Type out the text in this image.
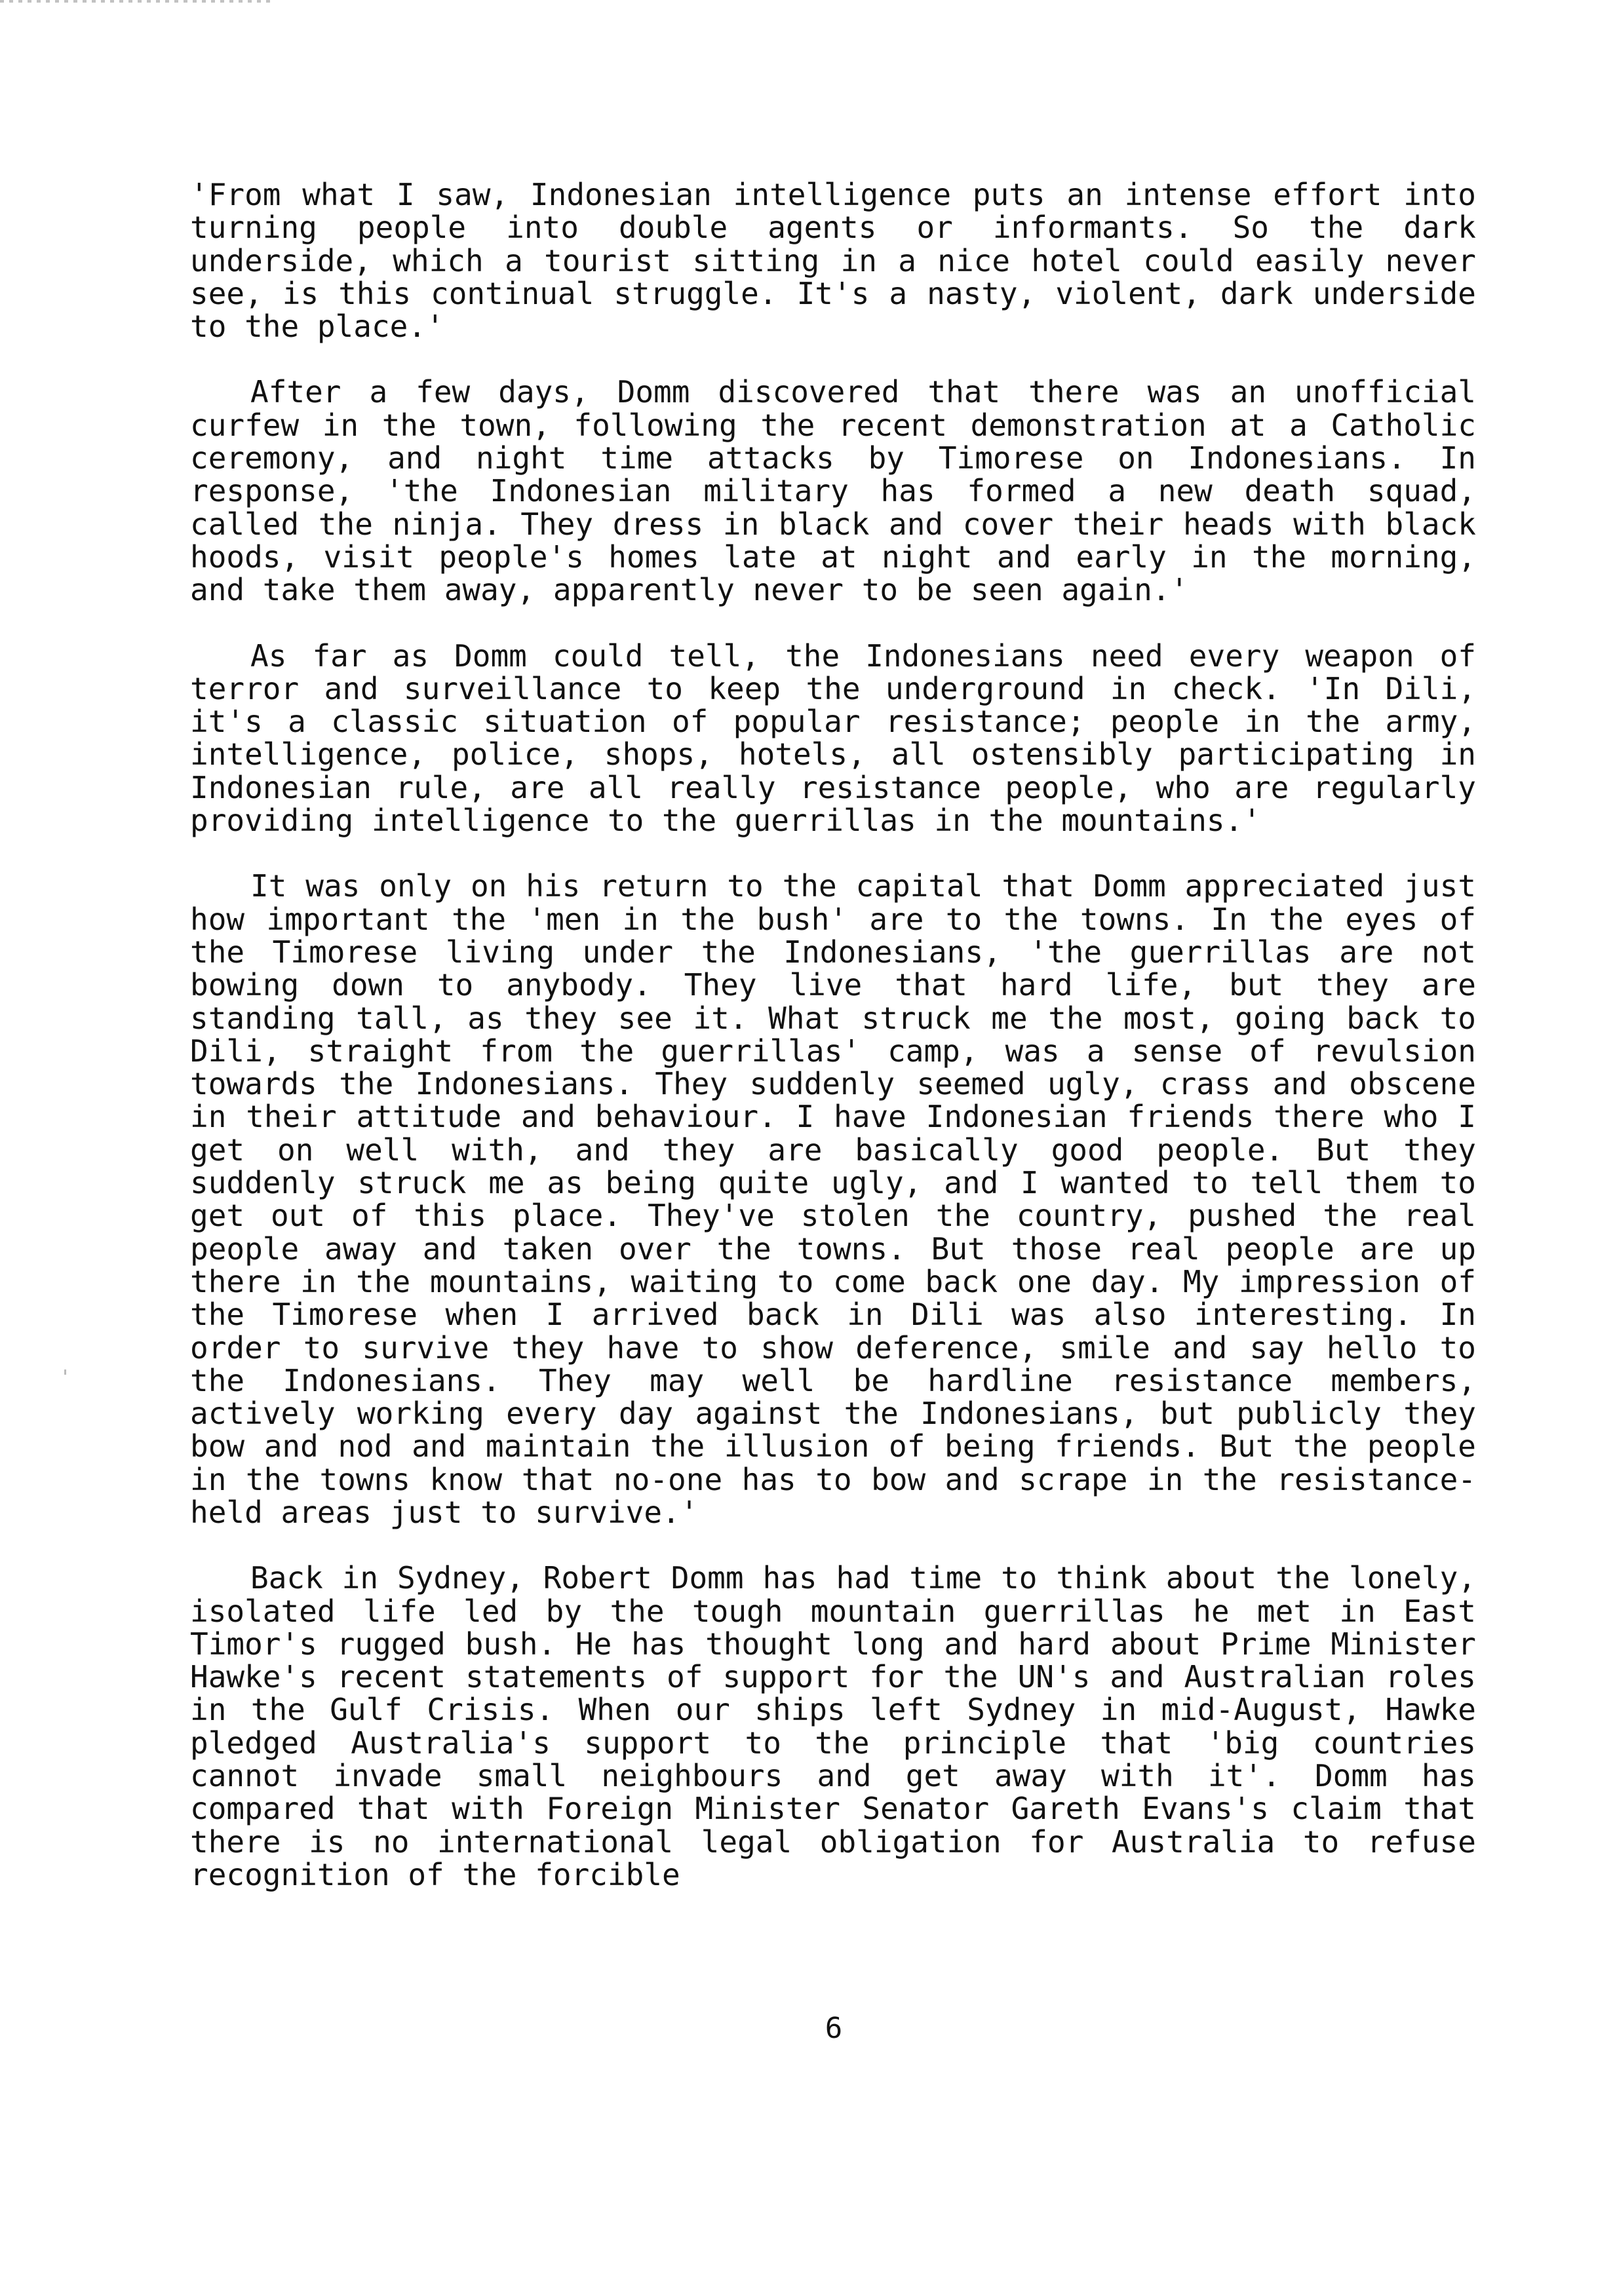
'From what I saw, Indonesian intelligence puts an intense effort into turning people into double agents or informants. So the dark underside, which a tourist sitting in a nice hotel could easily never see, is this continual struggle. It's a nasty, violent, dark underside to the place.'

After a few days, Domm discovered that there was an unofficial curfew in the town, following the recent demonstration at a Catholic ceremony, and night time attacks by Timorese on Indonesians. In response, 'the Indonesian military has formed a new death squad, called the ninja. They dress in black and cover their heads with black hoods, visit people's homes late at night and early in the morning, and take them away, apparently never to be seen again.'

As far as Domm could tell, the Indonesians need every weapon of terror and surveillance to keep the underground in check. 'In Dili, it's a classic situation of popular resistance; people in the army, intelligence, police, shops, hotels, all ostensibly participating in Indonesian rule, are all really resistance people, who are regularly providing intelligence to the guerrillas in the mountains.'

It was only on his return to the capital that Domm appreciated just how important the 'men in the bush' are to the towns. In the eyes of the Timorese living under the Indonesians, 'the guerrillas are not bowing down to anybody. They live that hard life, but they are standing tall, as they see it. What struck me the most, going back to Dili, straight from the guerrillas' camp, was a sense of revulsion towards the Indonesians. They suddenly seemed ugly, crass and obscene in their attitude and behaviour. I have Indonesian friends there who I get on well with, and they are basically good people. But they suddenly struck me as being quite ugly, and I wanted to tell them to get out of this place. They've stolen the country, pushed the real people away and taken over the towns. But those real people are up there in the mountains, waiting to come back one day. My impression of the Timorese when I arrived back in Dili was also interesting. In order to survive they have to show deference, smile and say hello to the Indonesians. They may well be hardline resistance members, actively working every day against the Indonesians, but publicly they bow and nod and maintain the illusion of being friends. But the people in the towns know that no-one has to bow and scrape in the resistance-held areas just to survive.'

Back in Sydney, Robert Domm has had time to think about the lonely, isolated life led by the tough mountain guerrillas he met in East Timor's rugged bush. He has thought long and hard about Prime Minister Hawke's recent statements of support for the UN's and Australian roles in the Gulf Crisis. When our ships left Sydney in mid-August, Hawke pledged Australia's support to the principle that 'big countries cannot invade small neighbours and get away with it'. Domm has compared that with Foreign Minister Senator Gareth Evans's claim that there is no international legal obligation for Australia to refuse recognition of the forcible

6
